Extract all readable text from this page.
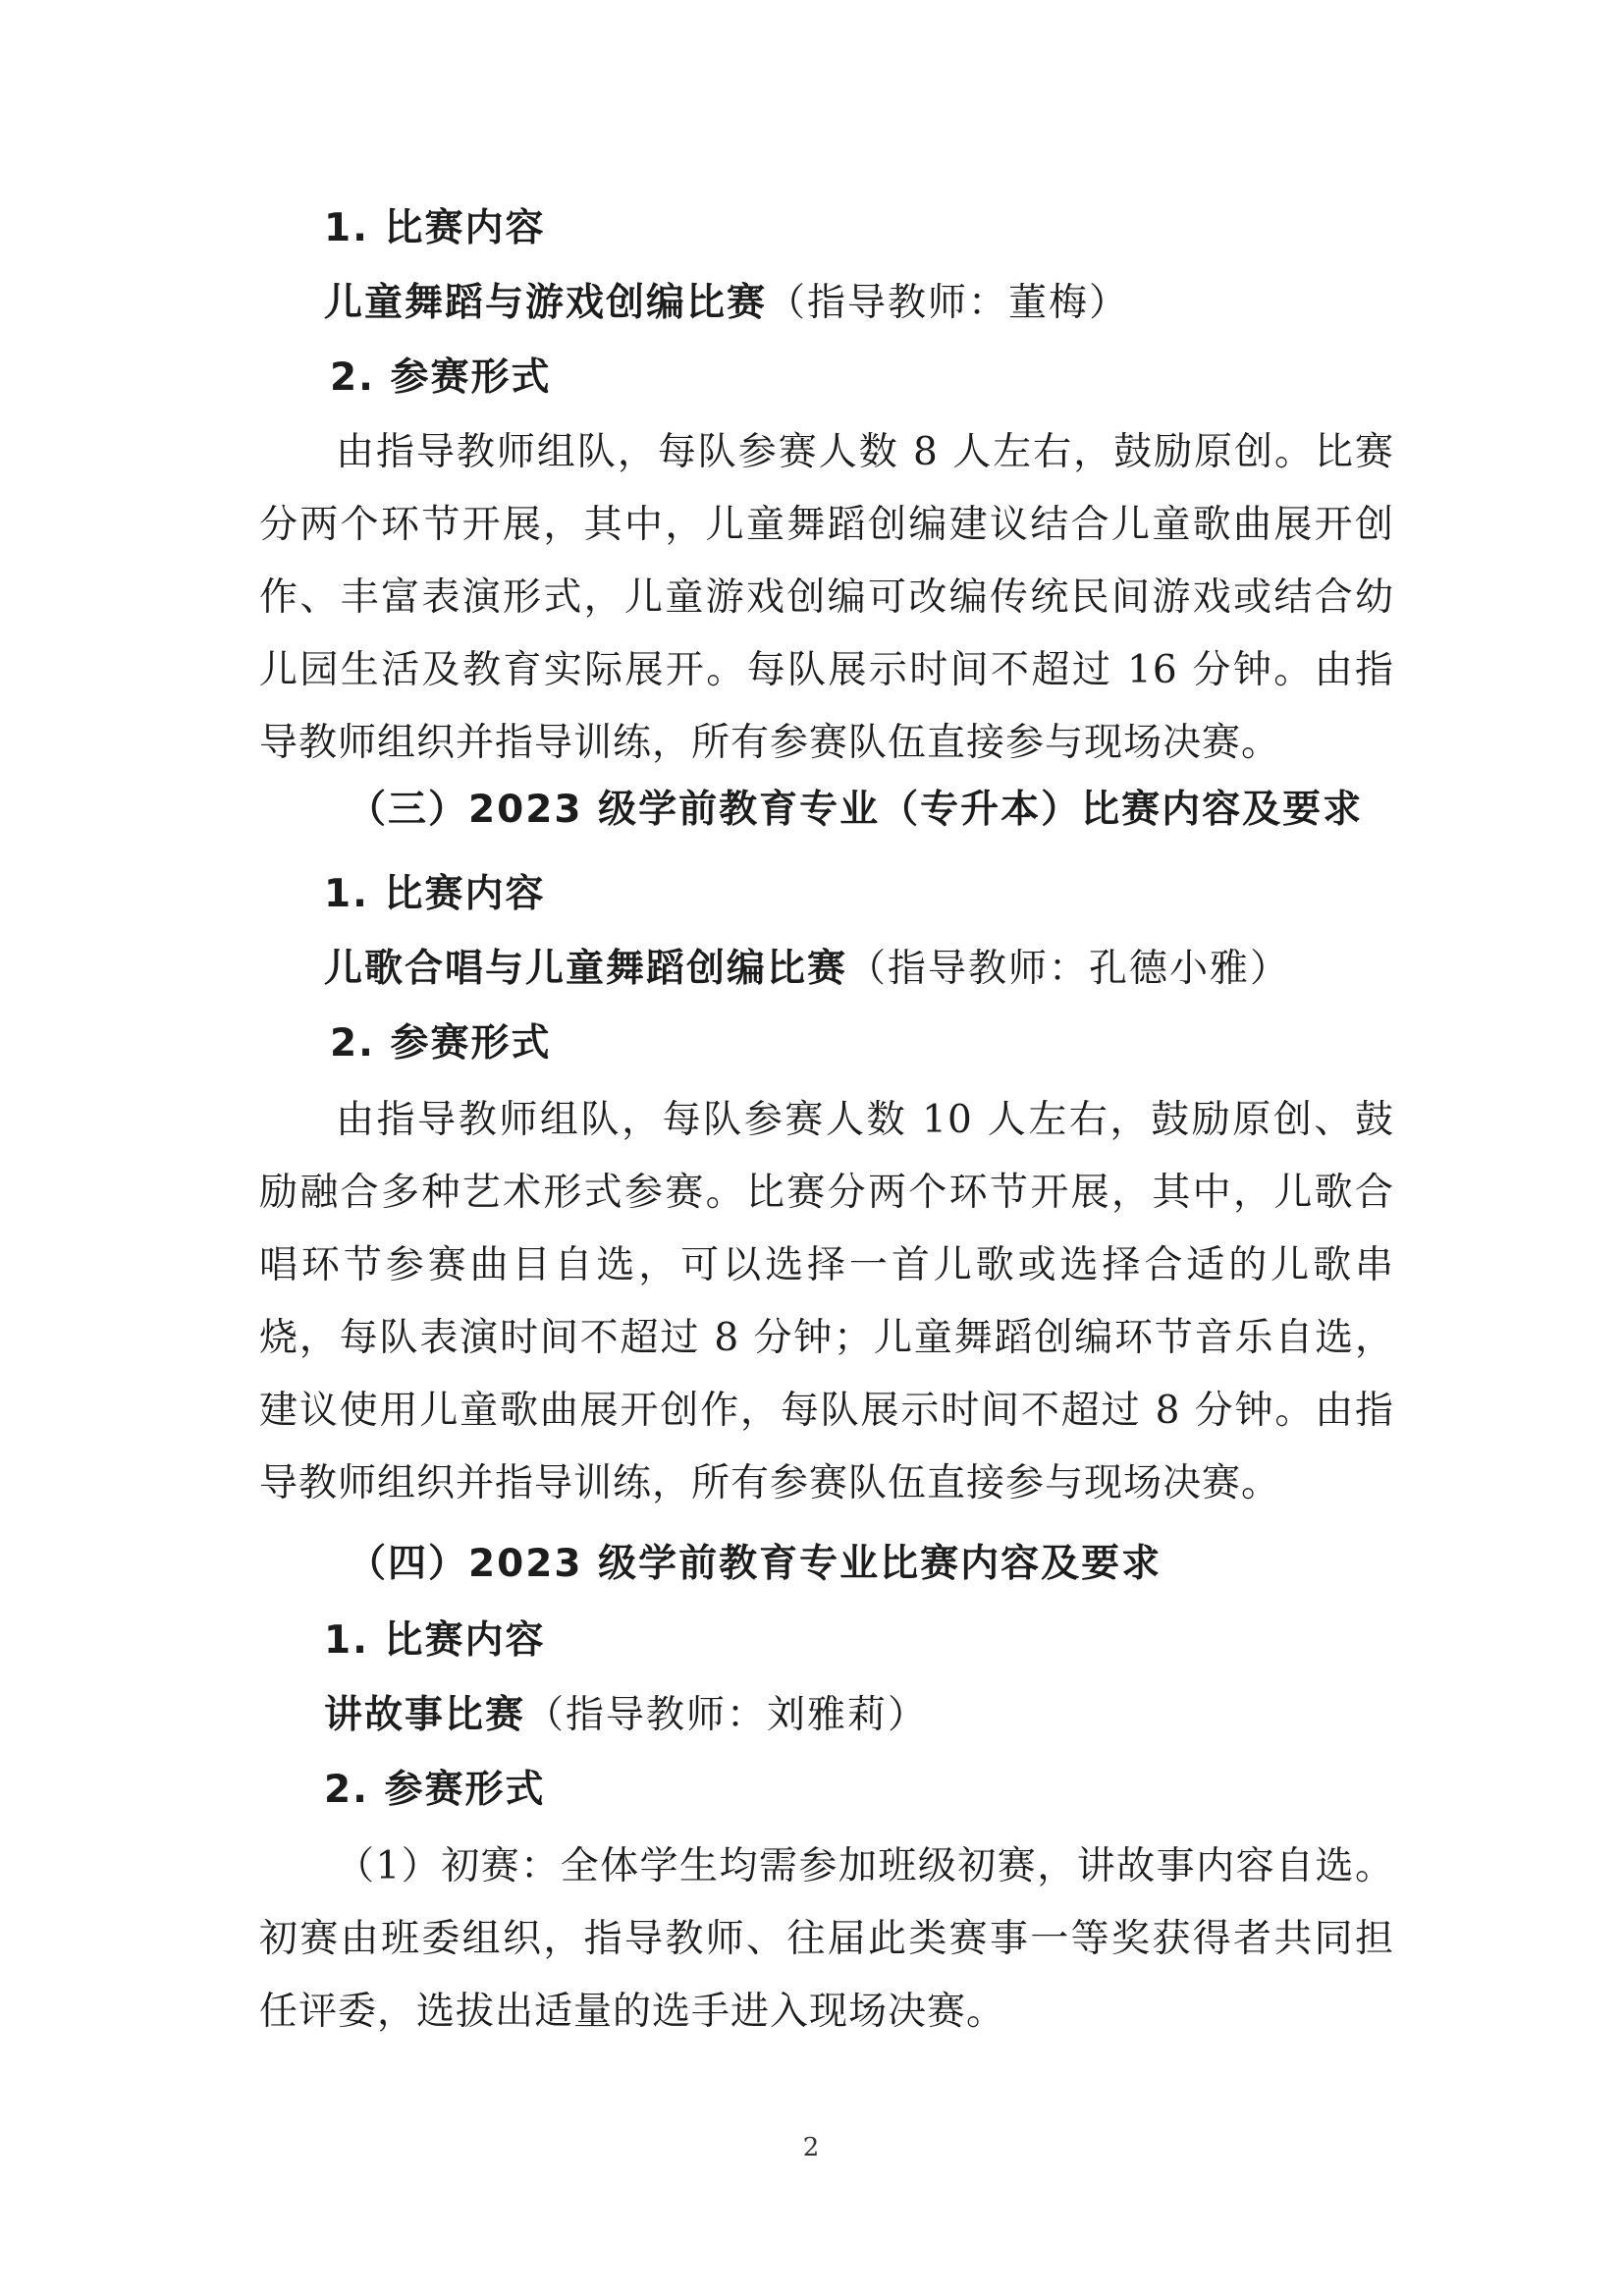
1. 比赛内容
儿童舞蹈与游戏创编比赛（指导教师：董梅）
2. 参赛形式
由指导教师组队，每队参赛人数 8 人左右，鼓励原创。比赛分两个环节开展，其中，儿童舞蹈创编建议结合儿童歌曲展开创作、丰富表演形式，儿童游戏创编可改编传统民间游戏或结合幼儿园生活及教育实际展开。每队展示时间不超过 16 分钟。由指导教师组织并指导训练，所有参赛队伍直接参与现场决赛。
（三）2023 级学前教育专业（专升本）比赛内容及要求
1. 比赛内容
儿歌合唱与儿童舞蹈创编比赛（指导教师：孔德小雅）
2. 参赛形式
由指导教师组队，每队参赛人数 10 人左右，鼓励原创、鼓励融合多种艺术形式参赛。比赛分两个环节开展，其中，儿歌合唱环节参赛曲目自选，可以选择一首儿歌或选择合适的儿歌串烧，每队表演时间不超过 8 分钟；儿童舞蹈创编环节音乐自选，建议使用儿童歌曲展开创作，每队展示时间不超过 8 分钟。由指导教师组织并指导训练，所有参赛队伍直接参与现场决赛。
（四）2023 级学前教育专业比赛内容及要求
1. 比赛内容
讲故事比赛（指导教师：刘雅莉）
2. 参赛形式
（1）初赛：全体学生均需参加班级初赛，讲故事内容自选。初赛由班委组织，指导教师、往届此类赛事一等奖获得者共同担任评委，选拔出适量的选手进入现场决赛。
2
